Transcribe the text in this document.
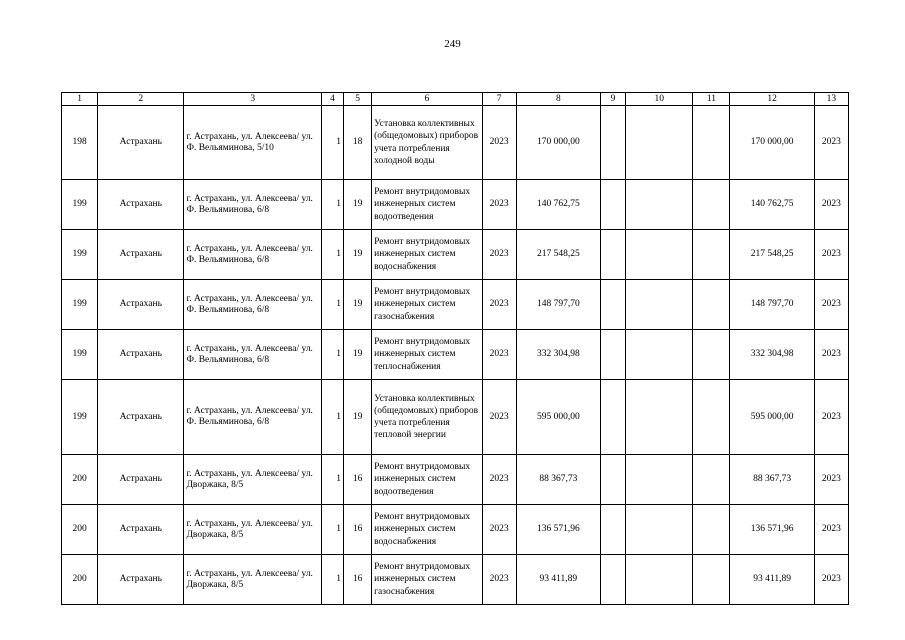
249
1	2	3	4	5	6	7	8	9	10	11	12	13
198	Астрахань	г. Астрахань, ул. Алексеева/ ул. Ф. Вельяминова, 5/10	1	18	Установка коллективных (общедомовых) приборов учета потребления холодной воды	2023	170 000,00				170 000,00	2023
199	Астрахань	г. Астрахань, ул. Алексеева/ ул. Ф. Вельяминова, 6/8	1	19	Ремонт внутридомовых инженерных систем водоотведения	2023	140 762,75				140 762,75	2023
199	Астрахань	г. Астрахань, ул. Алексеева/ ул. Ф. Вельяминова, 6/8	1	19	Ремонт внутридомовых инженерных систем водоснабжения	2023	217 548,25				217 548,25	2023
199	Астрахань	г. Астрахань, ул. Алексеева/ ул. Ф. Вельяминова, 6/8	1	19	Ремонт внутридомовых инженерных систем газоснабжения	2023	148 797,70				148 797,70	2023
199	Астрахань	г. Астрахань, ул. Алексеева/ ул. Ф. Вельяминова, 6/8	1	19	Ремонт внутридомовых инженерных систем теплоснабжения	2023	332 304,98				332 304,98	2023
199	Астрахань	г. Астрахань, ул. Алексеева/ ул. Ф. Вельяминова, 6/8	1	19	Установка коллективных (общедомовых) приборов учета потребления тепловой энергии	2023	595 000,00				595 000,00	2023
200	Астрахань	г. Астрахань, ул. Алексеева/ ул. Дворжака, 8/5	1	16	Ремонт внутридомовых инженерных систем водоотведения	2023	88 367,73				88 367,73	2023
200	Астрахань	г. Астрахань, ул. Алексеева/ ул. Дворжака, 8/5	1	16	Ремонт внутридомовых инженерных систем водоснабжения	2023	136 571,96				136 571,96	2023
200	Астрахань	г. Астрахань, ул. Алексеева/ ул. Дворжака, 8/5	1	16	Ремонт внутридомовых инженерных систем газоснабжения	2023	93 411,89				93 411,89	2023
